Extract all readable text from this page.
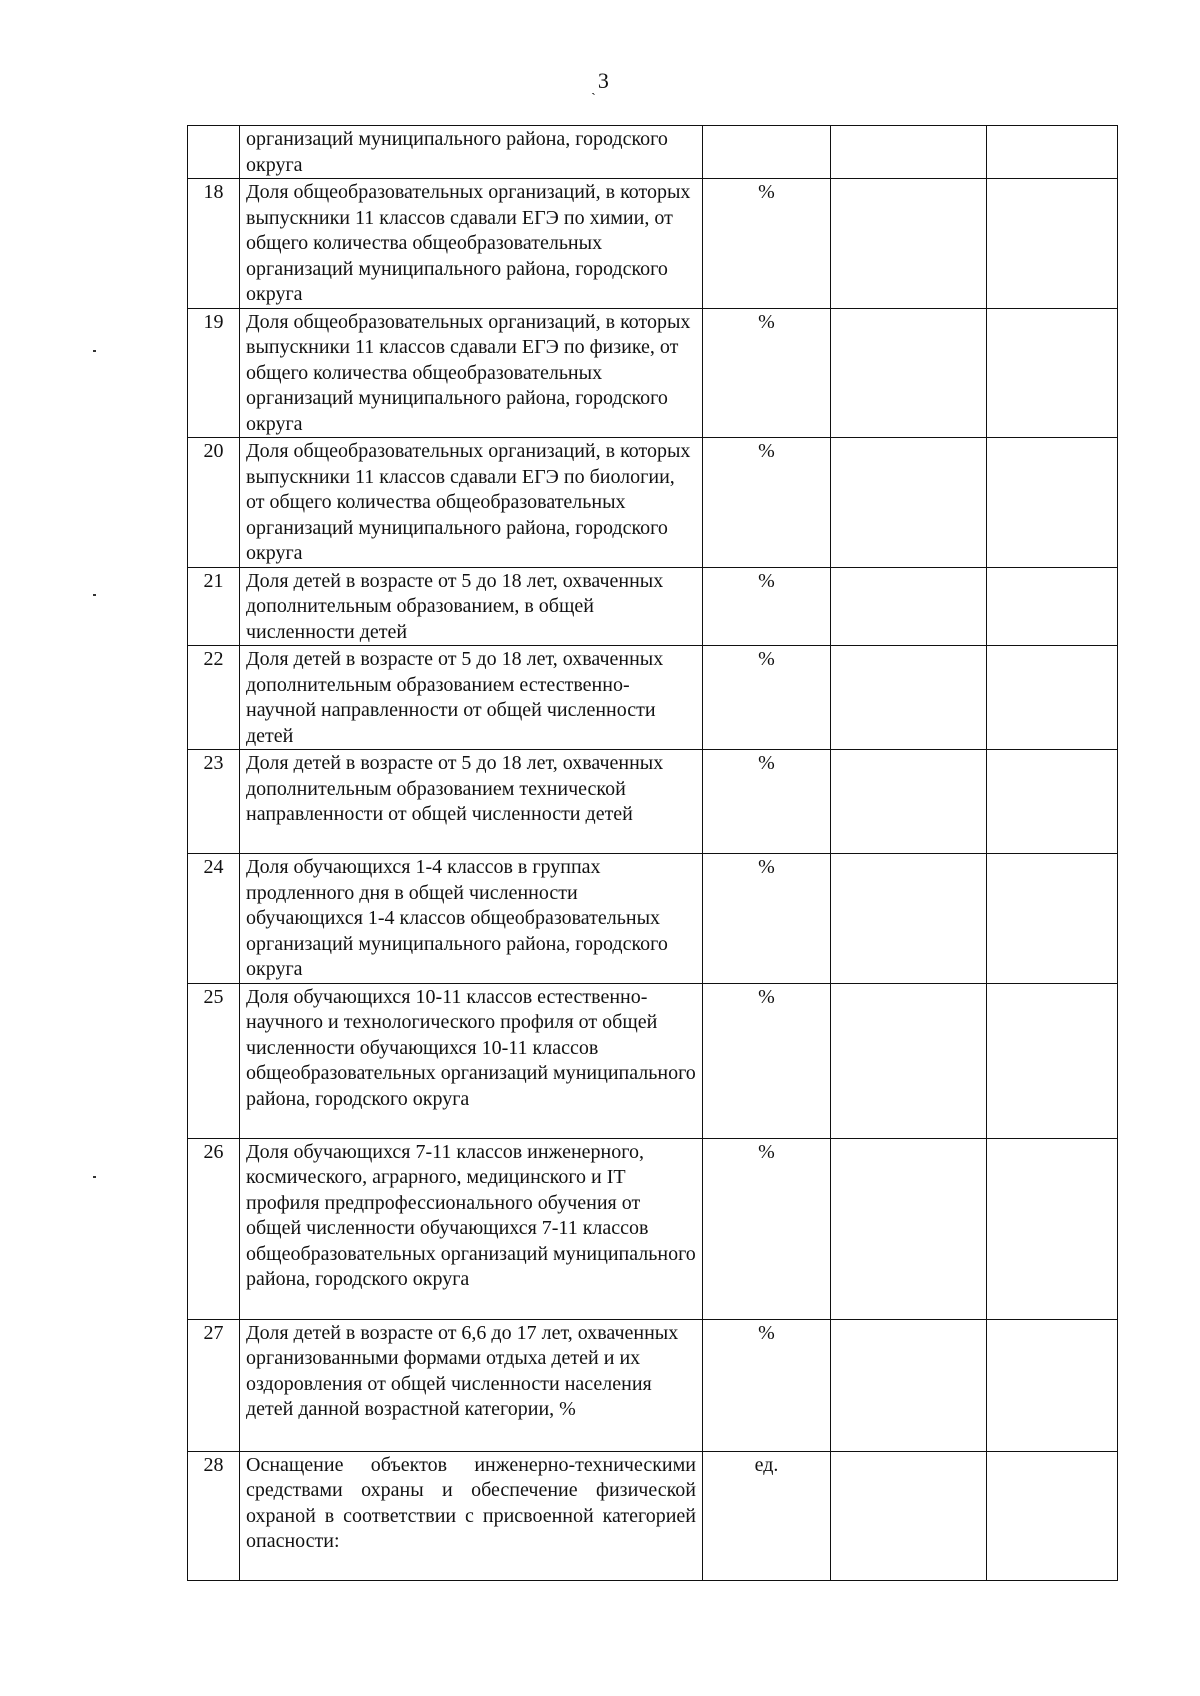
ˎ3
	организаций муниципального района, городского округа			
18	Доля общеобразовательных организаций, в которых выпускники 11 классов сдавали ЕГЭ по химии, от общего количества общеобразовательных организаций муниципального района, городского округа	%		
19	Доля общеобразовательных организаций, в которых выпускники 11 классов сдавали ЕГЭ по физике, от общего количества общеобразовательных организаций муниципального района, городского округа	%		
20	Доля общеобразовательных организаций, в которых выпускники 11 классов сдавали ЕГЭ по биологии, от общего количества общеобразовательных организаций муниципального района, городского округа	%		
21	Доля детей в возрасте от 5 до 18 лет, охваченных дополнительным образованием, в общей численности детей	%		
22	Доля детей в возрасте от 5 до 18 лет, охваченных дополнительным образованием естественно-научной направленности от общей численности детей	%		
23	Доля детей в возрасте от 5 до 18 лет, охваченных дополнительным образованием технической направленности от общей численности детей	%		
24	Доля обучающихся 1-4 классов в группах продленного дня в общей численности обучающихся 1-4 классов общеобразовательных организаций муниципального района, городского округа	%		
25	Доля обучающихся 10-11 классов естественно-научного и технологического профиля от общей численности обучающихся 10-11 классов общеобразовательных организаций муниципального района, городского округа	%		
26	Доля обучающихся 7-11 классов инженерного, космического, аграрного, медицинского и IT профиля предпрофессионального обучения от общей численности обучающихся 7-11 классов общеобразовательных организаций муниципального района, городского округа	%		
27	Доля детей в возрасте от 6,6 до 17 лет, охваченных организованными формами отдыха детей и их оздоровления от общей численности населения детей данной возрастной категории, %	%		
28	Оснащение объектов инженерно-техническими средствами охраны и обеспечение физической охраной в соответствии с присвоенной категорией опасности:	ед.		
